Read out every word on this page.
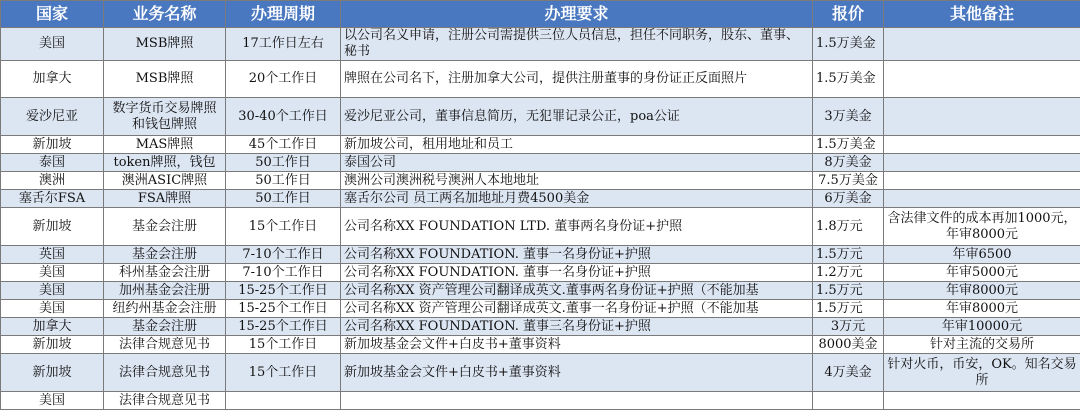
国家	业务名称	办理周期	办理要求	报价	其他备注
美国	MSB牌照	17工作日左右	以公司名义申请，注册公司需提供三位人员信息，担任不同职务，股东、董事、秘书	1.5万美金	
加拿大	MSB牌照	20个工作日	牌照在公司名下，注册加拿大公司，提供注册董事的身份证正反面照片	1.5万美金	
爱沙尼亚	数字货币交易牌照和钱包牌照	30-40个工作日	爱沙尼亚公司，董事信息简历，无犯罪记录公正，poa公证	3万美金	
新加坡	MAS牌照	45个工作日	新加坡公司，租用地址和员工	1.5万美金	
泰国	token牌照，钱包	50工作日	泰国公司	8万美金	
澳洲	澳洲ASIC牌照	50工作日	澳洲公司澳洲税号澳洲人本地地址	7.5万美金	
塞舌尔FSA	FSA牌照	50工作日	塞舌尔公司 员工两名加地址月费4500美金	6万美金	
新加坡	基金会注册	15个工作日	公司名称XX FOUNDATION LTD. 董事两名身份证+护照	1.8万元	含法律文件的成本再加1000元，年审8000元
英国	基金会注册	7-10个工作日	公司名称XX FOUNDATION. 董事一名身份证+护照	1.5万元	年审6500
美国	科州基金会注册	7-10个工作日	公司名称XX FOUNDATION. 董事一名身份证+护照	1.2万元	年审5000元
美国	加州基金会注册	15-25个工作日	公司名称XX 资产管理公司翻译成英文.董事两名身份证+护照（不能加基	1.5万元	年审8000元
美国	纽约州基金会注册	15-25个工作日	公司名称XX 资产管理公司翻译成英文.董事一名身份证+护照（不能加基	1.5万元	年审8000元
加拿大	基金会注册	15-25个工作日	公司名称XX FOUNDATION. 董事三名身份证+护照	3万元	年审10000元
新加坡	法律合规意见书	15个工作日	新加坡基金会文件+白皮书+董事资料	8000美金	针对主流的交易所
新加坡	法律合规意见书	15个工作日	新加坡基金会文件+白皮书+董事资料	4万美金	针对火币，币安，OK。知名交易所
美国	法律合规意见书				
